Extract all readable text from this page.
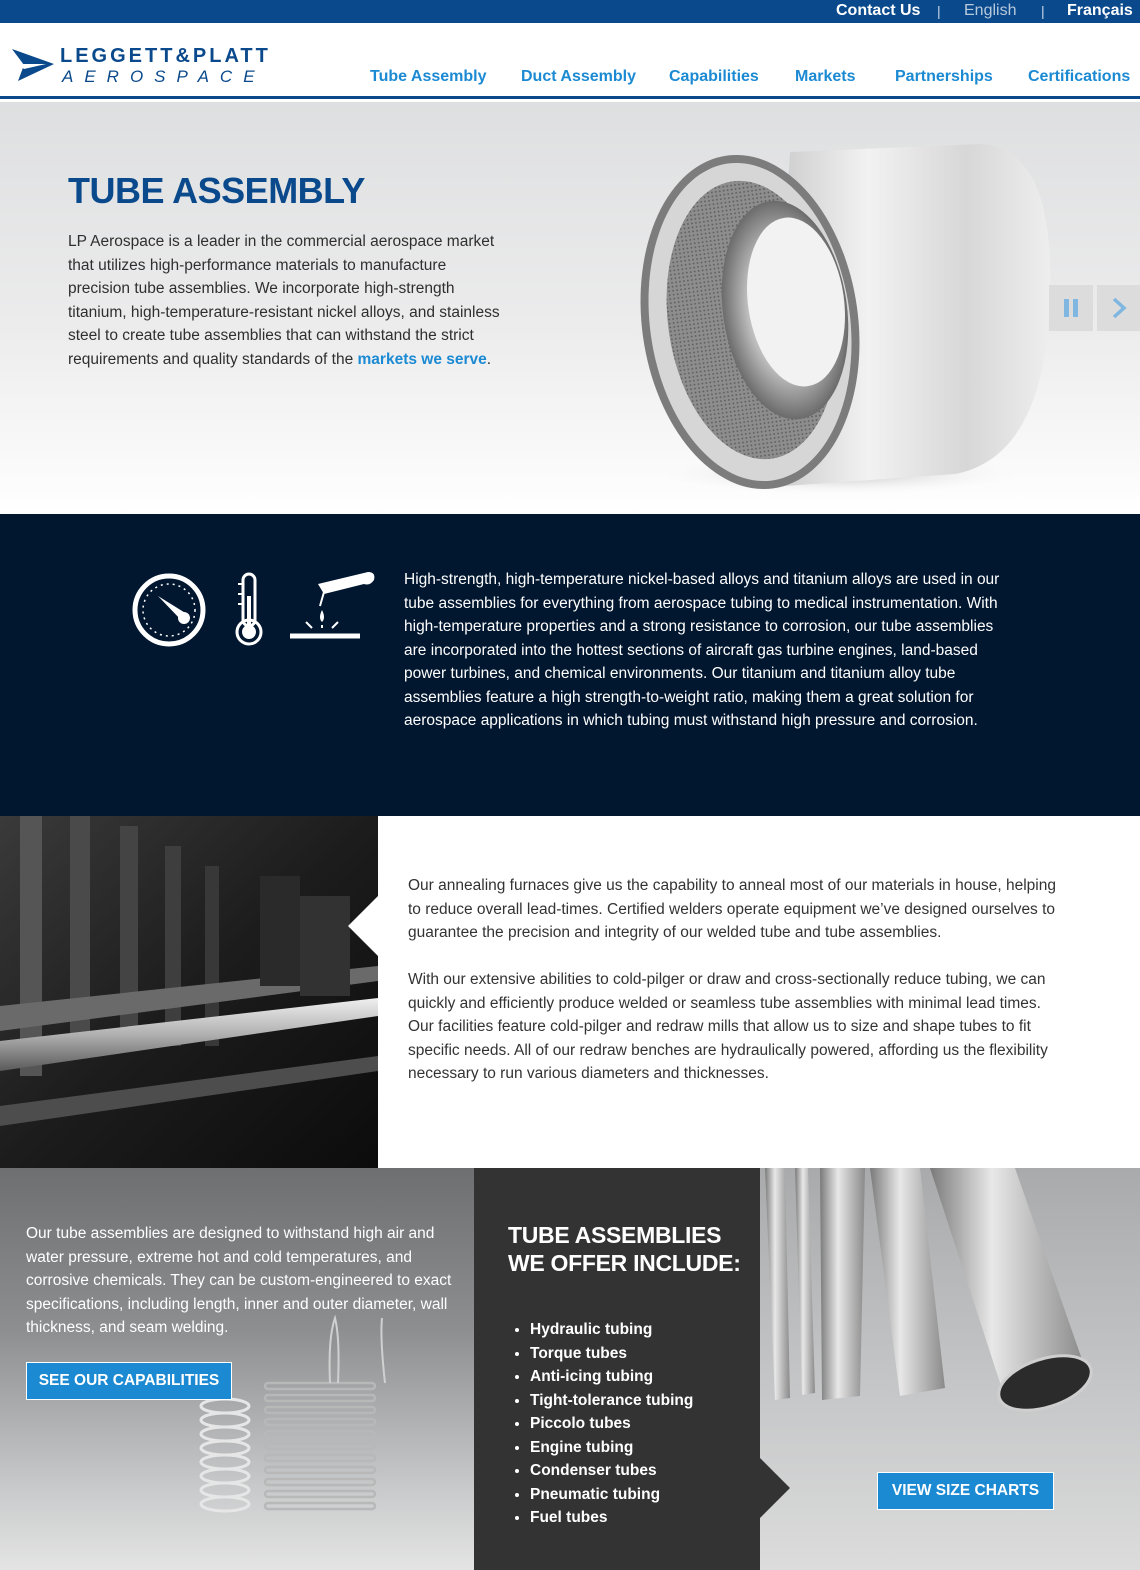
Contact Us | English | Français
LEGGETT&PLATT
AEROSPACE	Tube Assembly Duct Assembly Capabilities Markets Partnerships Certifications
TUBE ASSEMBLY

LP Aerospace is a leader in the commercial aerospace market that utilizes high-performance materials to manufacture precision tube assemblies. We incorporate high-strength titanium, high-temperature-resistant nickel alloys, and stainless steel to create tube assemblies that can withstand the strict requirements and quality standards of the markets we serve.

High-strength, high-temperature nickel-based alloys and titanium alloys are used in our tube assemblies for everything from aerospace tubing to medical instrumentation. With high-temperature properties and a strong resistance to corrosion, our tube assemblies are incorporated into the hottest sections of aircraft gas turbine engines, land-based power turbines, and chemical environments. Our titanium and titanium alloy tube assemblies feature a high strength-to-weight ratio, making them a great solution for aerospace applications in which tubing must withstand high pressure and corrosion.

Our annealing furnaces give us the capability to anneal most of our materials in house, helping to reduce overall lead-times. Certified welders operate equipment we’ve designed ourselves to guarantee the precision and integrity of our welded tube and tube assemblies.

With our extensive abilities to cold-pilger or draw and cross-sectionally reduce tubing, we can quickly and efficiently produce welded or seamless tube assemblies with minimal lead times. Our facilities feature cold-pilger and redraw mills that allow us to size and shape tubes to fit specific needs. All of our redraw benches are hydraulically powered, affording us the flexibility necessary to run various diameters and thicknesses.

Our tube assemblies are designed to withstand high air and water pressure, extreme hot and cold temperatures, and corrosive chemicals. They can be custom-engineered to exact specifications, including length, inner and outer diameter, wall thickness, and seam welding.

SEE OUR CAPABILITIES
TUBE ASSEMBLIES WE OFFER INCLUDE:
• Hydraulic tubing
• Torque tubes
• Anti-icing tubing
• Tight-tolerance tubing
• Piccolo tubes
• Engine tubing
• Condenser tubes
• Pneumatic tubing
• Fuel tubes
VIEW SIZE CHARTS
